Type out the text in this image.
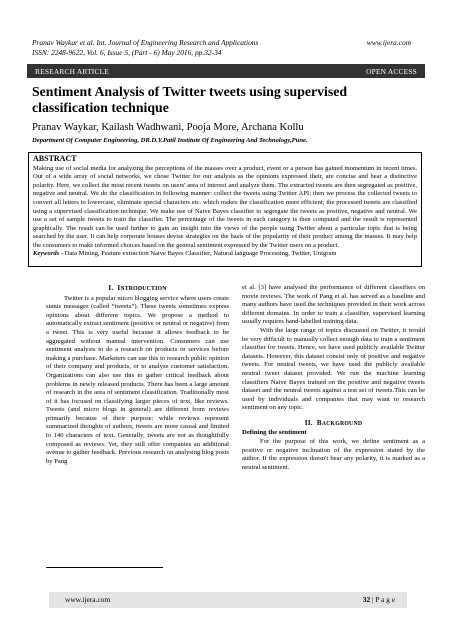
Pranav Waykar et al. Int. Journal of Engineering Research and Applications
ISSN: 2248-9622, Vol. 6, Issue 5, (Part - 6) May 2016, pp.32-34
www.ijera.com
RESEARCH ARTICLE	OPEN ACCESS
Sentiment Analysis of Twitter tweets using supervised classification technique
Pranav Waykar, Kailash Wadhwani, Pooja More, Archana Kollu
Department Of Computer Engineering, DR.D.Y.Patil Institute Of Engineering And Technology,Pune.
ABSTRACT
Making use of social media for analyzing the perceptions of the masses over a product, event or a person has gained momentum in recent times. Out of a wide array of social networks, we chose Twitter for our analysis as the opinions expressed their, are concise and bear a distinctive polarity. Here, we collect the most recent tweets on users' area of interest and analyze them. The extracted tweets are then segregated as positive, negative and neutral. We do the classification in following manner: collect the tweets using Twitter API; then we process the collected tweets to convert all letters to lowercase, eliminate special characters etc. which makes the classification more efficient; the processed tweets are classified using a supervised classification technique. We make use of Naive Bayes classifier to segregate the tweets as positive, negative and neutral. We use a set of sample tweets to train the classifier. The percentage of the tweets in each category is then computed and the result is represented graphically. The result can be used further to gain an insight into the views of the people using Twitter about a particular topic that is being searched by the user. It can help corporate houses devise strategies on the basis of the popularity of their product among the masses. It may help the consumers to make informed choices based on the general sentiment expressed by the Twitter users on a product.
Keywords - Data Mining, Feature extraction Naive Bayes Classifier, Natural language Processing, Twitter, Unigram
I. INTRODUCTION

Twitter is a popular micro blogging service where users create status messages (called “tweets”). These tweets sometimes express opinions about different topics. We propose a method to automatically extract sentiment (positive or neutral or negative) from a tweet. This is very useful because it allows feedback to be aggregated without manual intervention. Consumers can use sentiment analysis to do a research on products or services before making a purchase. Marketers can use this to research public opinion of their company and products, or to analyse customer satisfaction. Organizations can also use this to gather critical feedback about problems in newly released products. There has been a large amount of research in the area of sentiment classification. Traditionally most of it has focused on classifying larger pieces of text, like reviews. Tweets (and micro blogs in general) are different from reviews primarily because of their purpose: while reviews represent summarized thoughts of authors, tweets are more casual and limited to 140 characters of text. Generally, tweets are not as thoughtfully composed as reviews. Yet, they still offer companies an additional avenue to gather feedback. Previous research on analysing blog posts by Pang

et al. [3] have analysed the performance of different classifiers on movie reviews. The work of Pang et al. has served as a baseline and many authors have used the techniques provided in their work across different domains. In order to train a classifier, supervised learning usually requires hand-labelled training data.

With the large range of topics discussed on Twitter, it would be very difficult to manually collect enough data to train a sentiment classifier for tweets. Hence, we have used publicly available Twitter datasets. However, this dataset consist only of positive and negative tweets. For neutral tweets, we have used the publicly available neutral tweet dataset provided. We run the machine learning classifiers Naive Bayes trained on the positive and negative tweets dataset and the neutral tweets against a test set of tweets.This can be used by individuals and companies that may want to research sentiment on any topic.

II. BACKGROUND
Defining the sentiment

For the purpose of this work, we define sentiment as a positive or negative inclination of the expression stated by the author. If the expression doesn't bear any polarity, it is marked as a neutral sentiment.

www.ijera.com	32 | P a g e
